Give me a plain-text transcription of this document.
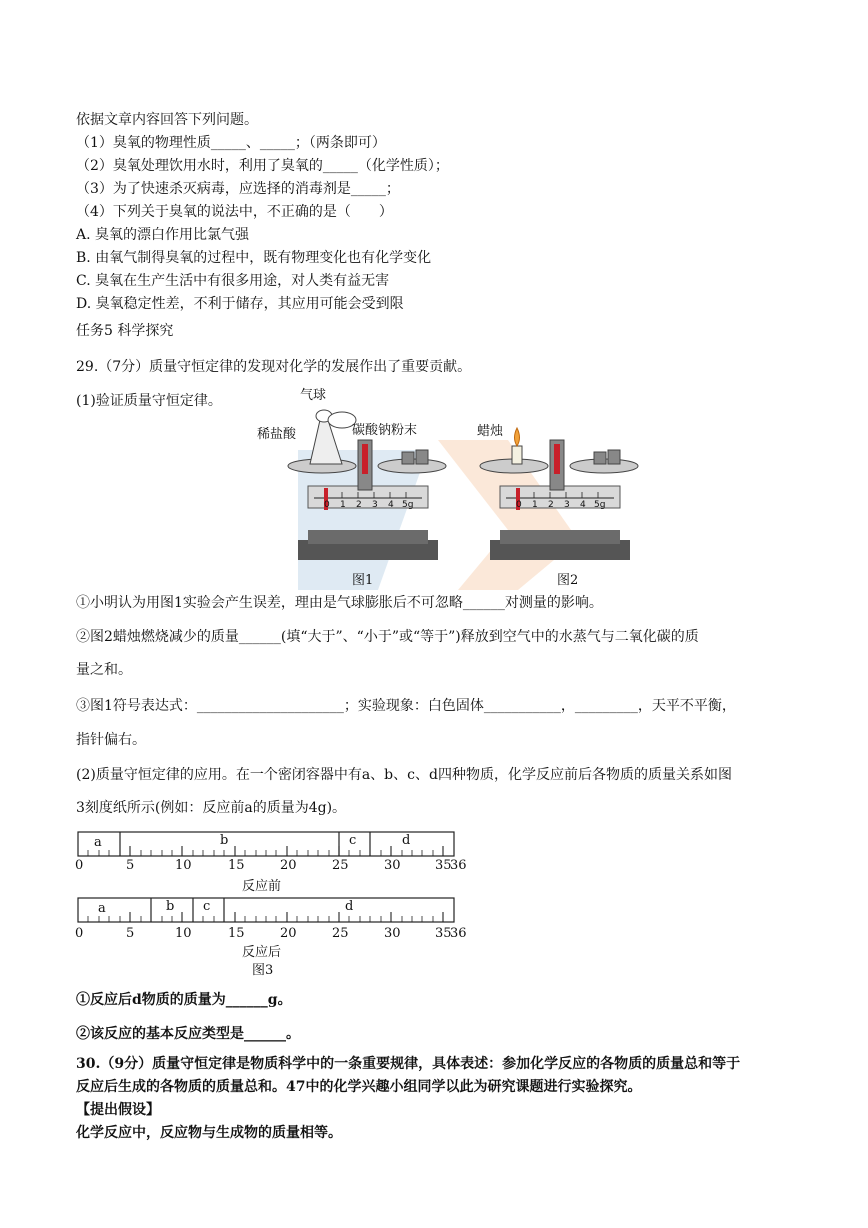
依据文章内容回答下列问题。
（1）臭氧的物理性质_____、_____；（两条即可）
（2）臭氧处理饮用水时，利用了臭氧的_____（化学性质）；
（3）为了快速杀灭病毒，应选择的消毒剂是_____；
（4）下列关于臭氧的说法中，不正确的是（　　）
A. 臭氧的漂白作用比氯气强
B. 由氧气制得臭氧的过程中，既有物理变化也有化学变化
C. 臭氧在生产生活中有很多用途，对人类有益无害
D. 臭氧稳定性差，不利于储存，其应用可能会受到限
任务5 科学探究
29.（7分）质量守恒定律的发现对化学的发展作出了重要贡献。
(1)验证质量守恒定律。	气球
稀盐酸	碳酸钠粉末	蜡烛
图1	图2
0 1 2 3 4 5g	0 1 2 3 4 5g
①小明认为用图1实验会产生误差，理由是气球膨胀后不可忽略______对测量的影响。
②图2蜡烛燃烧减少的质量______(填“大于”、“小于”或“等于”)释放到空气中的水蒸气与二氧化碳的质
量之和。
③图1符号表达式：_____________________；实验现象：白色固体___________，_________，天平不平衡，
指针偏右。
(2)质量守恒定律的应用。在一个密闭容器中有a、b、c、d四种物质，化学反应前后各物质的质量关系如图
3刻度纸所示(例如：反应前a的质量为4g)。
a	b	c	d
a	b c	d
0	5	10	15	20	25	30	35
36
反应前
0	5	10	15	20	25	30	35
36
反应后
图3
①反应后d物质的质量为______g。
②该反应的基本反应类型是______。
30.（9分）质量守恒定律是物质科学中的一条重要规律，具体表述：参加化学反应的各物质的质量总和等于
反应后生成的各物质的质量总和。47中的化学兴趣小组同学以此为研究课题进行实验探究。
【提出假设】
化学反应中，反应物与生成物的质量相等。
